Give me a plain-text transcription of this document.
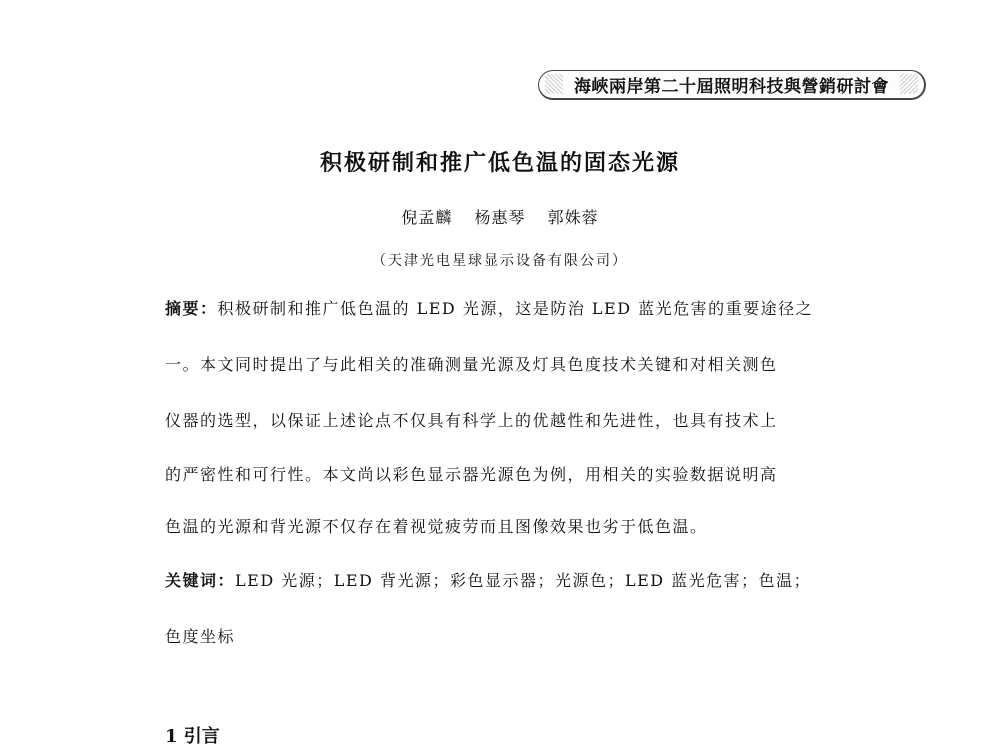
海峽兩岸第二十屆照明科技與營銷研討會
积极研制和推广低色温的固态光源
倪孟麟 杨惠琴 郭姝蓉
（天津光电星球显示设备有限公司）
摘要：积极研制和推广低色温的 LED 光源，这是防治 LED 蓝光危害的重要途径之
一。本文同时提出了与此相关的准确测量光源及灯具色度技术关键和对相关测色
仪器的选型，以保证上述论点不仅具有科学上的优越性和先进性，也具有技术上
的严密性和可行性。本文尚以彩色显示器光源色为例，用相关的实验数据说明高
色温的光源和背光源不仅存在着视觉疲劳而且图像效果也劣于低色温。
关键词：LED 光源；LED 背光源；彩色显示器；光源色；LED 蓝光危害；色温；
色度坐标
1 引言
